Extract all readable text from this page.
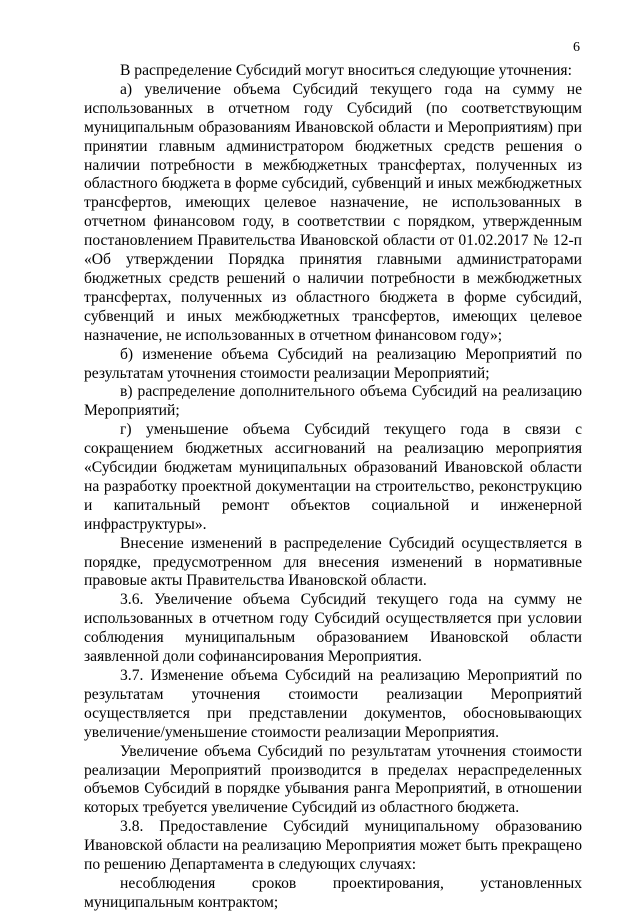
6

В распределение Субсидий могут вноситься следующие уточнения:

а) увеличение объема Субсидий текущего года на сумму не использованных в отчетном году Субсидий (по соответствующим муниципальным образованиям Ивановской области и Мероприятиям) при принятии главным администратором бюджетных средств решения о наличии потребности в межбюджетных трансфертах, полученных из областного бюджета в форме субсидий, субвенций и иных межбюджетных трансфертов, имеющих целевое назначение, не использованных в отчетном финансовом году, в соответствии с порядком, утвержденным постановлением Правительства Ивановской области от 01.02.2017 № 12-п «Об утверждении Порядка принятия главными администраторами бюджетных средств решений о наличии потребности в межбюджетных трансфертах, полученных из областного бюджета в форме субсидий, субвенций и иных межбюджетных трансфертов, имеющих целевое назначение, не использованных в отчетном финансовом году»;

б) изменение объема Субсидий на реализацию Мероприятий по результатам уточнения стоимости реализации Мероприятий;

в) распределение дополнительного объема Субсидий на реализацию Мероприятий;

г) уменьшение объема Субсидий текущего года в связи с сокращением бюджетных ассигнований на реализацию мероприятия «Субсидии бюджетам муниципальных образований Ивановской области на разработку проектной документации на строительство, реконструкцию и капитальный ремонт объектов социальной и инженерной инфраструктуры».

Внесение изменений в распределение Субсидий осуществляется в порядке, предусмотренном для внесения изменений в нормативные правовые акты Правительства Ивановской области.

3.6. Увеличение объема Субсидий текущего года на сумму не использованных в отчетном году Субсидий осуществляется при условии соблюдения муниципальным образованием Ивановской области заявленной доли софинансирования Мероприятия.

3.7. Изменение объема Субсидий на реализацию Мероприятий по результатам уточнения стоимости реализации Мероприятий осуществляется при представлении документов, обосновывающих увеличение/уменьшение стоимости реализации Мероприятия.

Увеличение объема Субсидий по результатам уточнения стоимости реализации Мероприятий производится в пределах нераспределенных объемов Субсидий в порядке убывания ранга Мероприятий, в отношении которых требуется увеличение Субсидий из областного бюджета.

3.8. Предоставление Субсидий муниципальному образованию Ивановской области на реализацию Мероприятия может быть прекращено по решению Департамента в следующих случаях:

несоблюдения сроков проектирования, установленных муниципальным контрактом;
